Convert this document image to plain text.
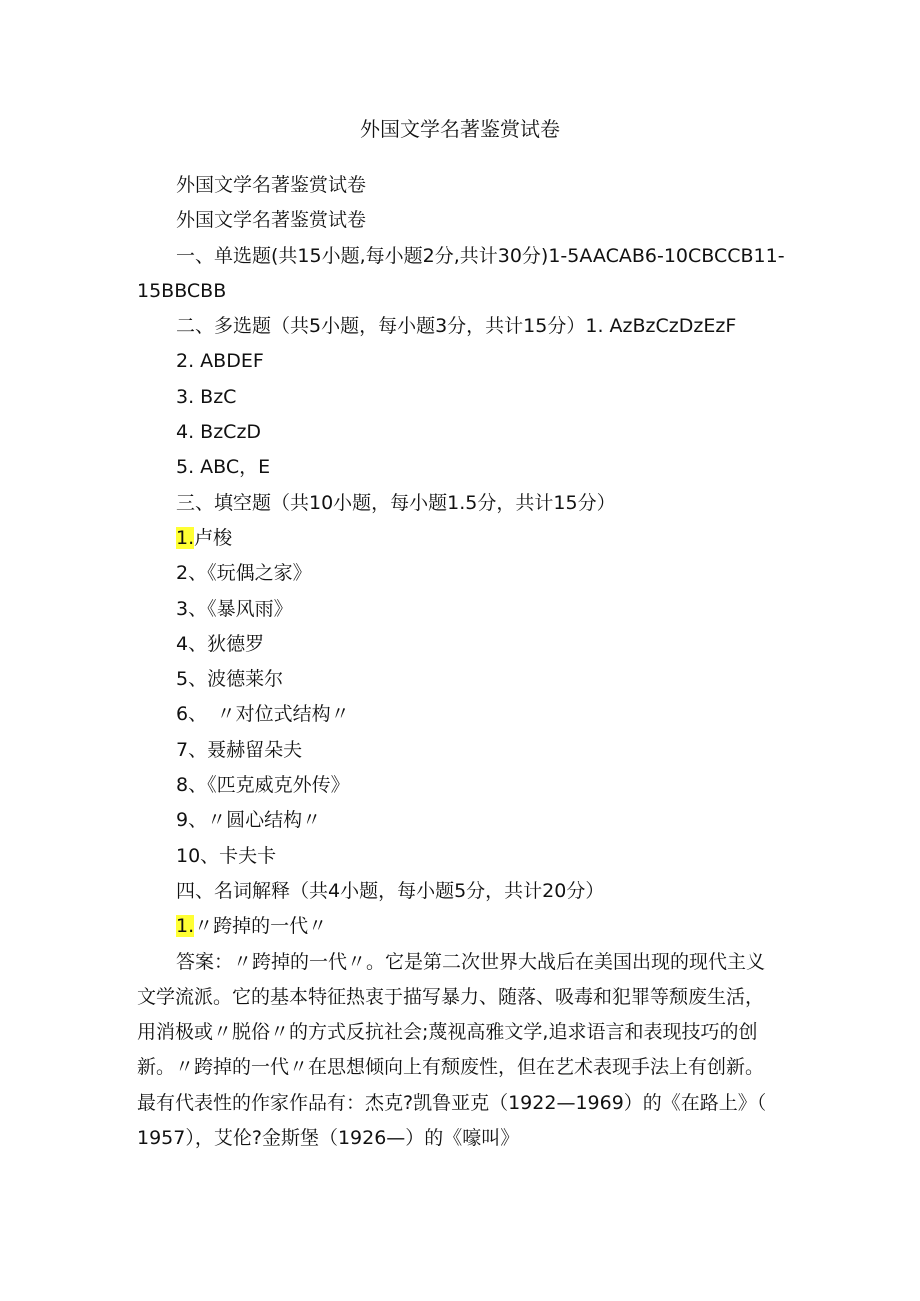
外国文学名著鉴赏试卷
外国文学名著鉴赏试卷
外国文学名著鉴赏试卷
一、单选题(共15小题,每小题2分,共计30分)1-5AACAB6-10CBCCB11-
15BBCBB
二、多选题（共5小题，每小题3分，共计15分）1. AzBzCzDzEzF
2. ABDEF
3. BzC
4. BzCzD
5. ABC，E
三、填空题（共10小题，每小题1.5分，共计15分）
1.卢梭
2、《玩偶之家》
3、《暴风雨》
4、狄德罗
5、波德莱尔
6、　〃对位式结构〃
7、聂赫留朵夫
8、《匹克威克外传》
9、〃圆心结构〃
10、卡夫卡
四、名词解释（共4小题，每小题5分，共计20分）
1.〃跨掉的一代〃
答案：〃跨掉的一代〃。它是第二次世界大战后在美国出现的现代主义
文学流派。它的基本特征热衷于描写暴力、随落、吸毒和犯罪等颓废生活，
用消极或〃脱俗〃的方式反抗社会;蔑视高雅文学,追求语言和表现技巧的创
新。〃跨掉的一代〃在思想倾向上有颓废性，但在艺术表现手法上有创新。
最有代表性的作家作品有：杰克?凯鲁亚克（1922—1969）的《在路上》（
1957），艾伦?金斯堡（1926—）的《嚎叫》
